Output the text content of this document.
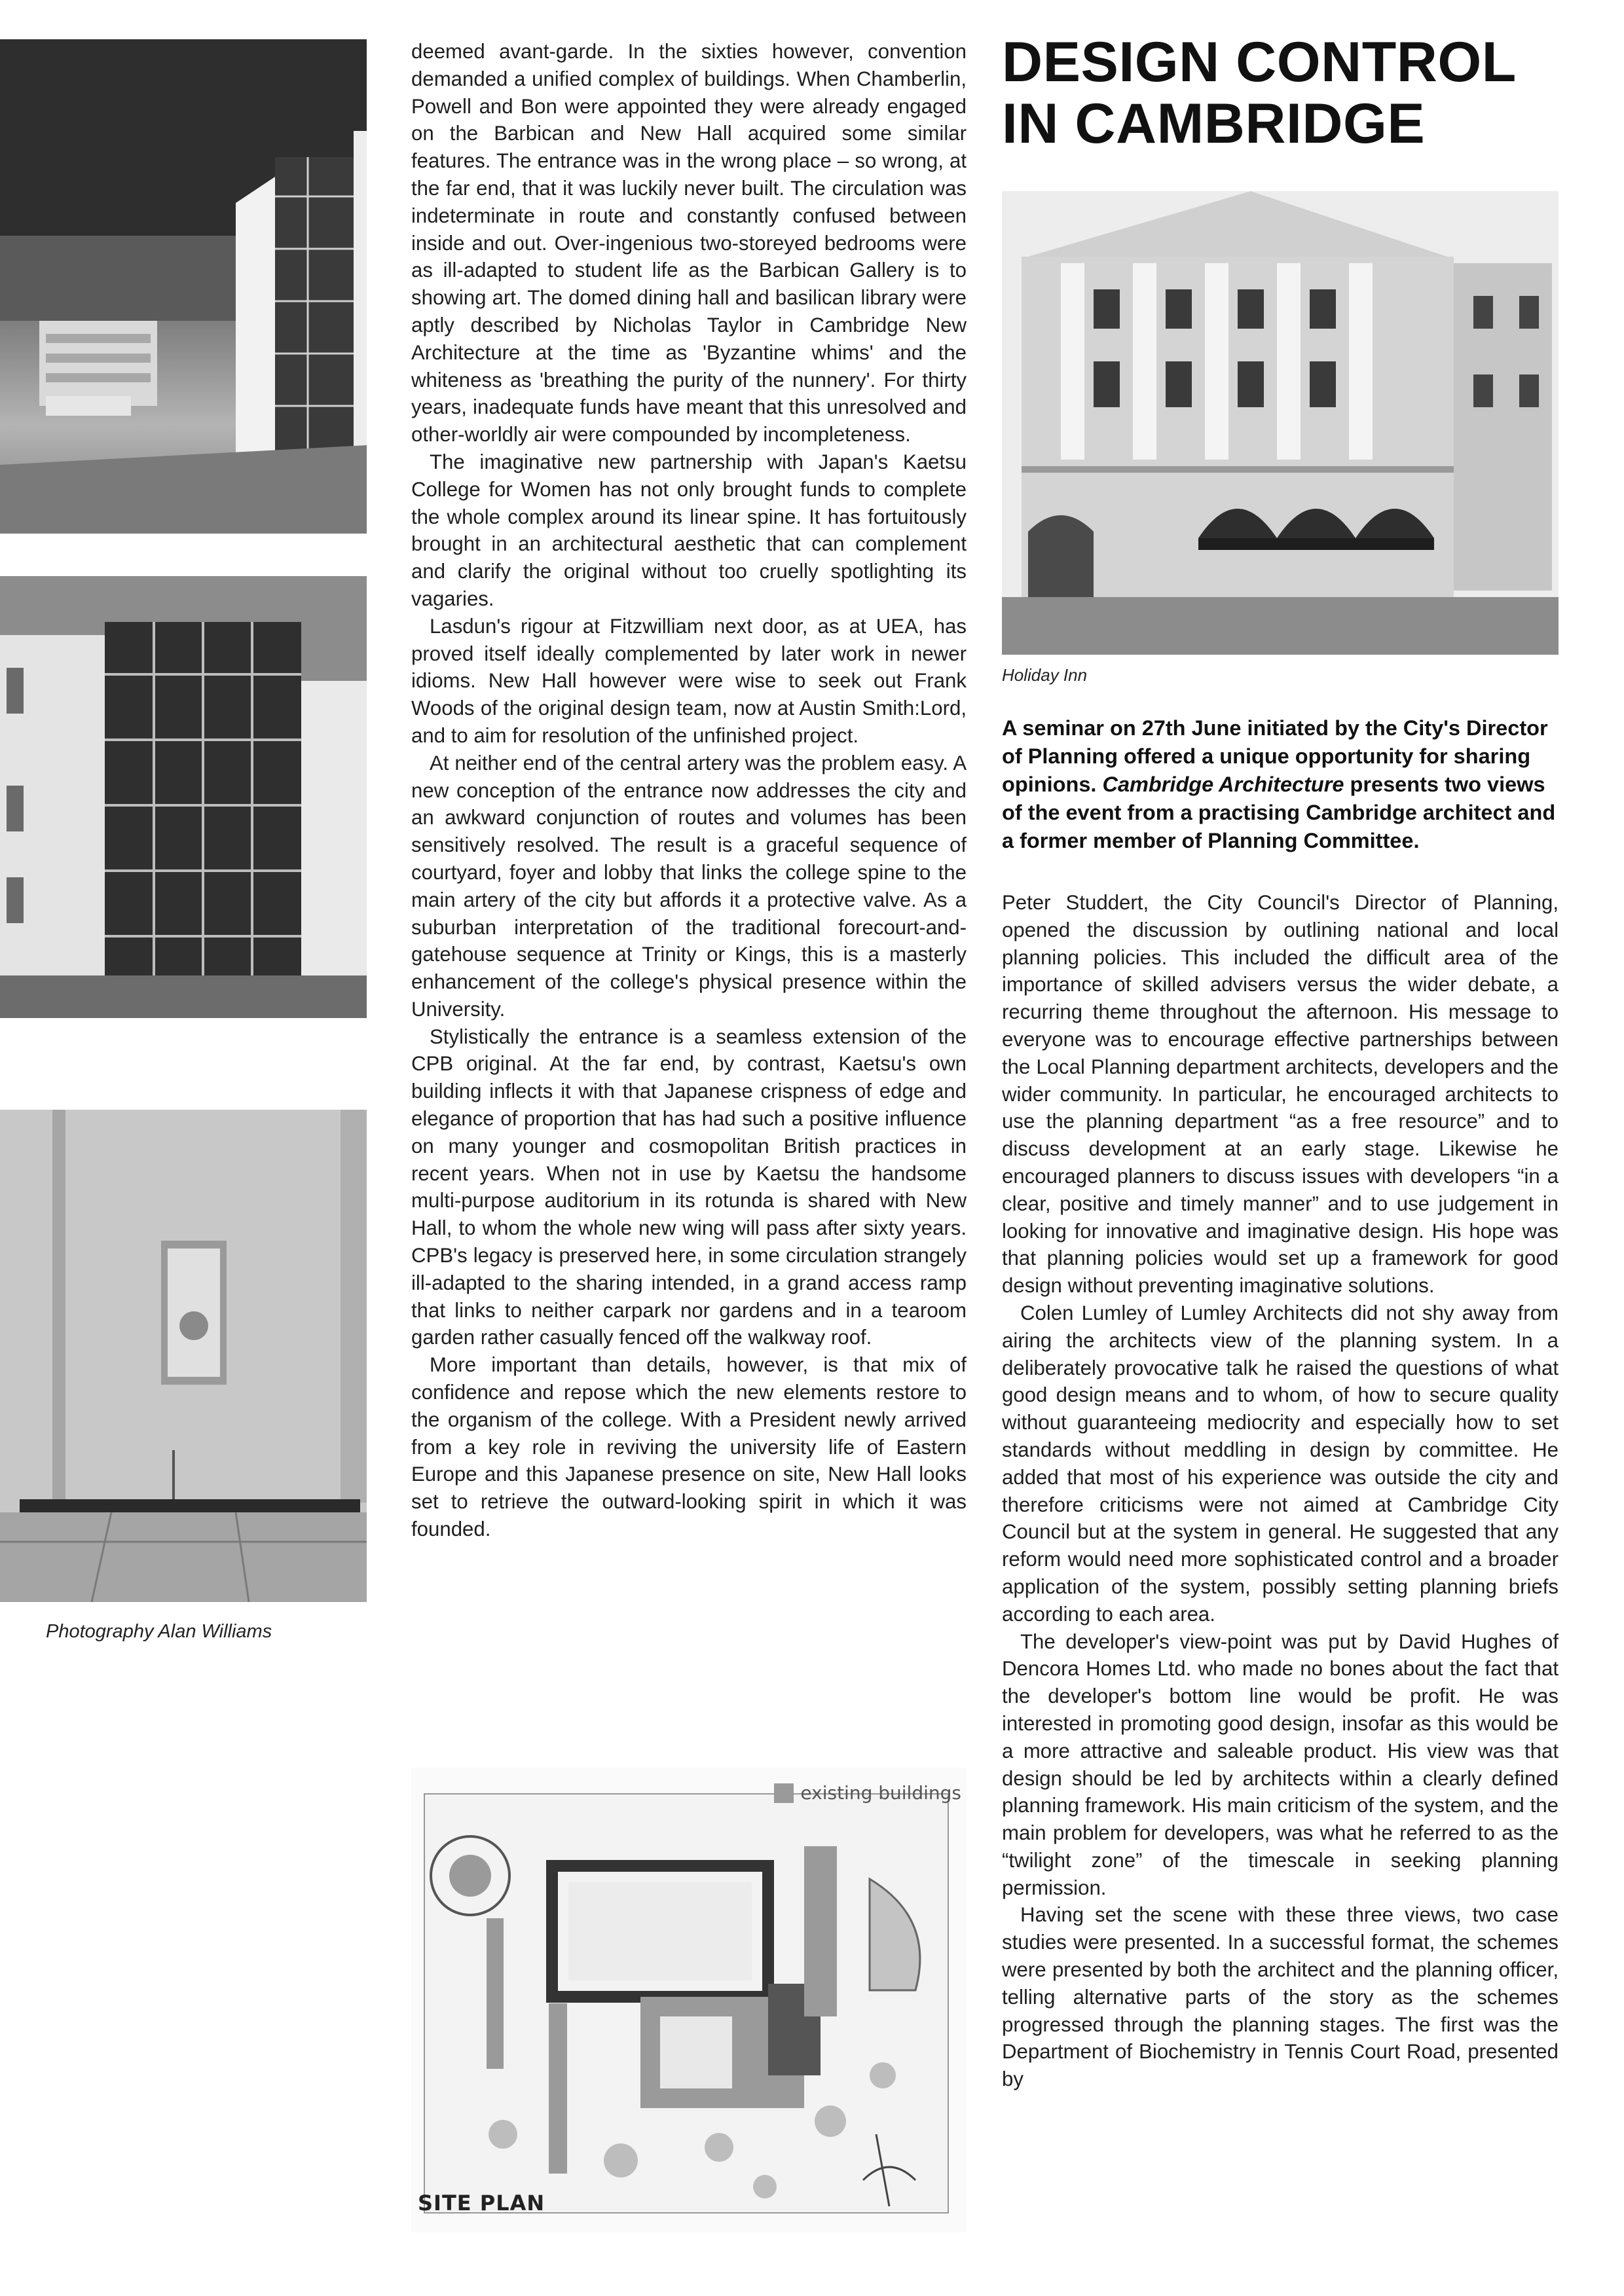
Photography Alan Williams

deemed avant-garde. In the sixties however, convention demanded a unified complex of buildings. When Chamberlin, Powell and Bon were appointed they were already engaged on the Barbican and New Hall acquired some similar features. The entrance was in the wrong place – so wrong, at the far end, that it was luckily never built. The circulation was indeterminate in route and constantly confused between inside and out. Over-ingenious two-storeyed bedrooms were as ill-adapted to student life as the Barbican Gallery is to showing art. The domed dining hall and basilican library were aptly described by Nicholas Taylor in Cambridge New Architecture at the time as 'Byzantine whims' and the whiteness as 'breathing the purity of the nunnery'. For thirty years, inadequate funds have meant that this unresolved and other-worldly air were compounded by incompleteness.

The imaginative new partnership with Japan's Kaetsu College for Women has not only brought funds to complete the whole complex around its linear spine. It has fortuitously brought in an architectural aesthetic that can complement and clarify the original without too cruelly spotlighting its vagaries.

Lasdun's rigour at Fitzwilliam next door, as at UEA, has proved itself ideally complemented by later work in newer idioms. New Hall however were wise to seek out Frank Woods of the original design team, now at Austin Smith:Lord, and to aim for resolution of the unfinished project.

At neither end of the central artery was the problem easy. A new conception of the entrance now addresses the city and an awkward conjunction of routes and volumes has been sensitively resolved. The result is a graceful sequence of courtyard, foyer and lobby that links the college spine to the main artery of the city but affords it a protective valve. As a suburban interpretation of the traditional forecourt-and-gatehouse sequence at Trinity or Kings, this is a masterly enhancement of the college's physical presence within the University.

Stylistically the entrance is a seamless extension of the CPB original. At the far end, by contrast, Kaetsu's own building inflects it with that Japanese crispness of edge and elegance of proportion that has had such a positive influence on many younger and cosmopolitan British practices in recent years. When not in use by Kaetsu the handsome multi-purpose auditorium in its rotunda is shared with New Hall, to whom the whole new wing will pass after sixty years. CPB's legacy is preserved here, in some circulation strangely ill-adapted to the sharing intended, in a grand access ramp that links to neither carpark nor gardens and in a tearoom garden rather casually fenced off the walkway roof.

More important than details, however, is that mix of confidence and repose which the new elements restore to the organism of the college. With a President newly arrived from a key role in reviving the university life of Eastern Europe and this Japanese presence on site, New Hall looks set to retrieve the outward-looking spirit in which it was founded.

existing buildings
SITE PLAN
DESIGN CONTROL
IN CAMBRIDGE
Holiday Inn

A seminar on 27th June initiated by the City's Director of Planning offered a unique opportunity for sharing opinions. Cambridge Architecture presents two views of the event from a practising Cambridge architect and a former member of Planning Committee.

Peter Studdert, the City Council's Director of Planning, opened the discussion by outlining national and local planning policies. This included the difficult area of the importance of skilled advisers versus the wider debate, a recurring theme throughout the afternoon. His message to everyone was to encourage effective partnerships between the Local Planning department architects, developers and the wider community. In particular, he encouraged architects to use the planning department “as a free resource” and to discuss development at an early stage. Likewise he encouraged planners to discuss issues with developers “in a clear, positive and timely manner” and to use judgement in looking for innovative and imaginative design. His hope was that planning policies would set up a framework for good design without preventing imaginative solutions.

Colen Lumley of Lumley Architects did not shy away from airing the architects view of the planning system. In a deliberately provocative talk he raised the questions of what good design means and to whom, of how to secure quality without guaranteeing mediocrity and especially how to set standards without meddling in design by committee. He added that most of his experience was outside the city and therefore criticisms were not aimed at Cambridge City Council but at the system in general. He suggested that any reform would need more sophisticated control and a broader application of the system, possibly setting planning briefs according to each area.

The developer's view-point was put by David Hughes of Dencora Homes Ltd. who made no bones about the fact that the developer's bottom line would be profit. He was interested in promoting good design, insofar as this would be a more attractive and saleable product. His view was that design should be led by architects within a clearly defined planning framework. His main criticism of the system, and the main problem for developers, was what he referred to as the “twilight zone” of the timescale in seeking planning permission.

Having set the scene with these three views, two case studies were presented. In a successful format, the schemes were presented by both the architect and the planning officer, telling alternative parts of the story as the schemes progressed through the planning stages. The first was the Department of Biochemistry in Tennis Court Road, presented by
